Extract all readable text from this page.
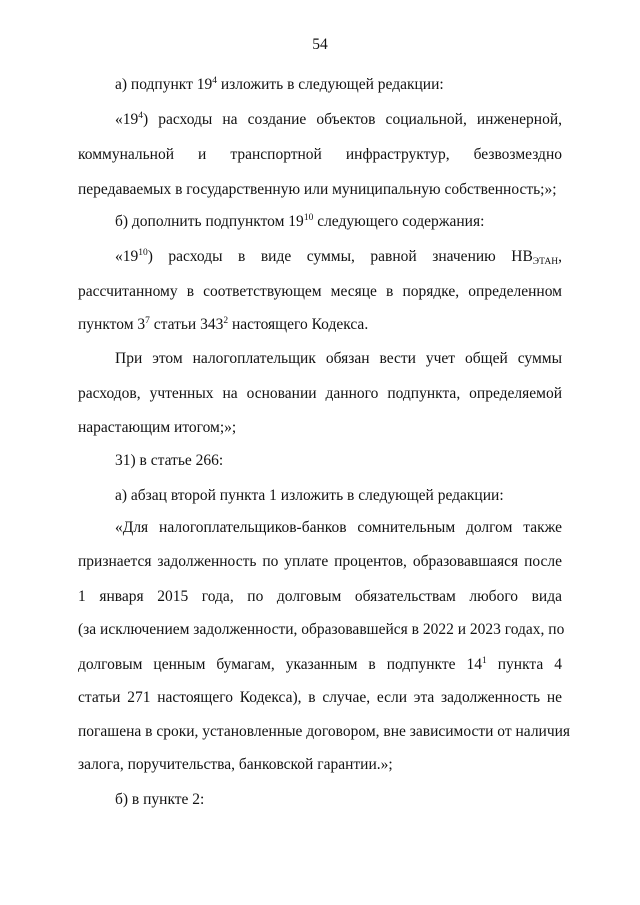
54
а) подпункт $19^4$ изложить в следующей редакции:
«$19^4$) расходы на создание объектов социальной, инженерной,
коммунальной и транспортной инфраструктур, безвозмездно
передаваемых в государственную или муниципальную собственность;»;
б) дополнить подпунктом $19^{10}$ следующего содержания:
«$19^{10}$) расходы в виде суммы, равной значению $НВ_{ЭТАН}$,
рассчитанному в соответствующем месяце в порядке, определенном
пунктом $3^7$ статьи $343^2$ настоящего Кодекса.
При этом налогоплательщик обязан вести учет общей суммы
расходов, учтенных на основании данного подпункта, определяемой
нарастающим итогом;»;
31) в статье 266:
а) абзац второй пункта 1 изложить в следующей редакции:
«Для налогоплательщиков-банков сомнительным долгом также
признается задолженность по уплате процентов, образовавшаяся после
1 января 2015 года, по долговым обязательствам любого вида
(за исключением задолженности, образовавшейся в 2022 и 2023 годах, по
долговым ценным бумагам, указанным в подпункте $14^1$ пункта 4
статьи 271 настоящего Кодекса), в случае, если эта задолженность не
погашена в сроки, установленные договором, вне зависимости от наличия
залога, поручительства, банковской гарантии.»;
б) в пункте 2:
